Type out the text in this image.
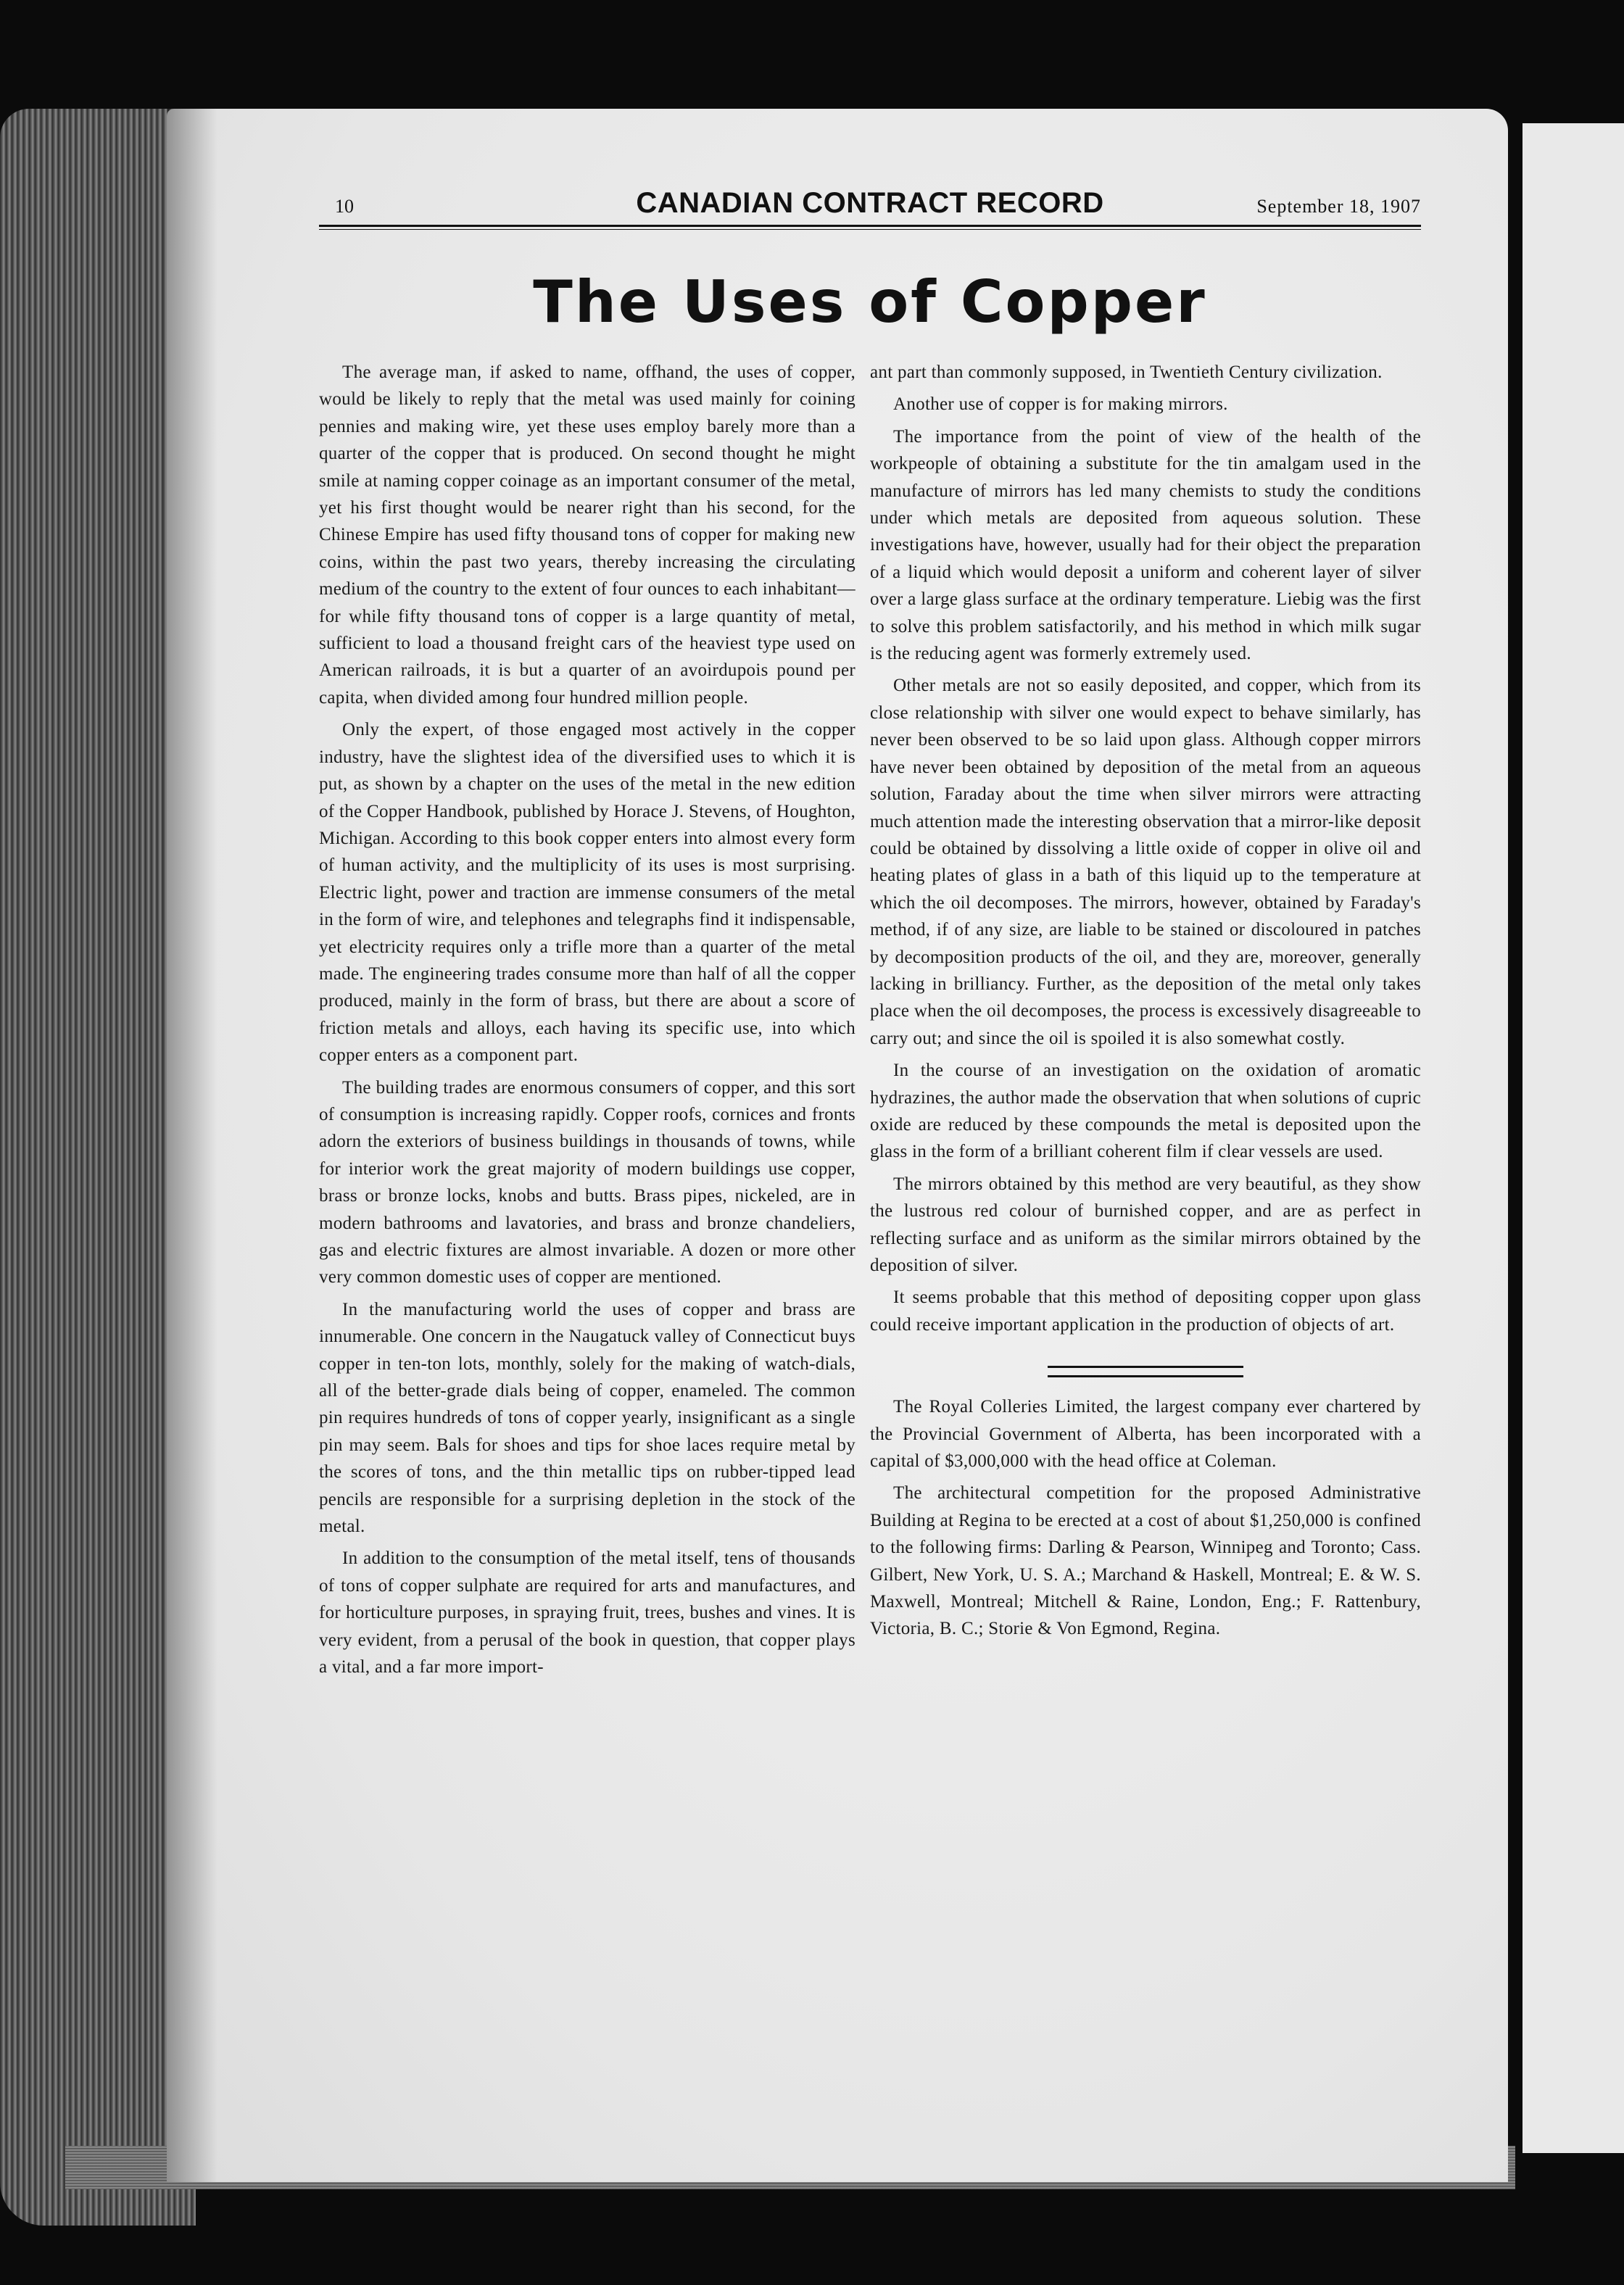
10	CANADIAN CONTRACT RECORD	September 18, 1907
The Uses of Copper

The average man, if asked to name, offhand, the uses of copper, would be likely to reply that the metal was used mainly for coining pennies and making wire, yet these uses employ barely more than a quarter of the copper that is produced. On second thought he might smile at naming copper coinage as an important consumer of the metal, yet his first thought would be nearer right than his second, for the Chinese Empire has used fifty thousand tons of copper for making new coins, within the past two years, thereby increasing the circulating medium of the country to the extent of four ounces to each inhabitant—for while fifty thousand tons of copper is a large quantity of metal, sufficient to load a thousand freight cars of the heaviest type used on American railroads, it is but a quarter of an avoirdupois pound per capita, when divided among four hundred million people.

Only the expert, of those engaged most actively in the copper industry, have the slightest idea of the diversified uses to which it is put, as shown by a chapter on the uses of the metal in the new edition of the Copper Handbook, published by Horace J. Stevens, of Houghton, Michigan. According to this book copper enters into almost every form of human activity, and the multiplicity of its uses is most surprising. Electric light, power and traction are immense consumers of the metal in the form of wire, and telephones and telegraphs find it indispensable, yet electricity requires only a trifle more than a quarter of the metal made. The engineering trades consume more than half of all the copper produced, mainly in the form of brass, but there are about a score of friction metals and alloys, each having its specific use, into which copper enters as a component part.

The building trades are enormous consumers of copper, and this sort of consumption is increasing rapidly. Copper roofs, cornices and fronts adorn the exteriors of business buildings in thousands of towns, while for interior work the great majority of modern buildings use copper, brass or bronze locks, knobs and butts. Brass pipes, nickeled, are in modern bathrooms and lavatories, and brass and bronze chandeliers, gas and electric fixtures are almost invariable. A dozen or more other very common domestic uses of copper are mentioned.

In the manufacturing world the uses of copper and brass are innumerable. One concern in the Naugatuck valley of Connecticut buys copper in ten-ton lots, monthly, solely for the making of watch-dials, all of the better-grade dials being of copper, enameled. The common pin requires hundreds of tons of copper yearly, insignificant as a single pin may seem. Bals for shoes and tips for shoe laces require metal by the scores of tons, and the thin metallic tips on rubber-tipped lead pencils are responsible for a surprising depletion in the stock of the metal.

In addition to the consumption of the metal itself, tens of thousands of tons of copper sulphate are required for arts and manufactures, and for horticulture purposes, in spraying fruit, trees, bushes and vines. It is very evident, from a perusal of the book in question, that copper plays a vital, and a far more import-

ant part than commonly supposed, in Twentieth Century civilization.

Another use of copper is for making mirrors.

The importance from the point of view of the health of the workpeople of obtaining a substitute for the tin amalgam used in the manufacture of mirrors has led many chemists to study the conditions under which metals are deposited from aqueous solution. These investigations have, however, usually had for their object the preparation of a liquid which would deposit a uniform and coherent layer of silver over a large glass surface at the ordinary temperature. Liebig was the first to solve this problem satisfactorily, and his method in which milk sugar is the reducing agent was formerly extremely used.

Other metals are not so easily deposited, and copper, which from its close relationship with silver one would expect to behave similarly, has never been observed to be so laid upon glass. Although copper mirrors have never been obtained by deposition of the metal from an aqueous solution, Faraday about the time when silver mirrors were attracting much attention made the interesting observation that a mirror-like deposit could be obtained by dissolving a little oxide of copper in olive oil and heating plates of glass in a bath of this liquid up to the temperature at which the oil decomposes. The mirrors, however, obtained by Faraday's method, if of any size, are liable to be stained or discoloured in patches by decomposition products of the oil, and they are, moreover, generally lacking in brilliancy. Further, as the deposition of the metal only takes place when the oil decomposes, the process is excessively disagreeable to carry out; and since the oil is spoiled it is also somewhat costly.

In the course of an investigation on the oxidation of aromatic hydrazines, the author made the observation that when solutions of cupric oxide are reduced by these compounds the metal is deposited upon the glass in the form of a brilliant coherent film if clear vessels are used.

The mirrors obtained by this method are very beautiful, as they show the lustrous red colour of burnished copper, and are as perfect in reflecting surface and as uniform as the similar mirrors obtained by the deposition of silver.

It seems probable that this method of depositing copper upon glass could receive important application in the production of objects of art.

The Royal Colleries Limited, the largest company ever chartered by the Provincial Government of Alberta, has been incorporated with a capital of $3,000,000 with the head office at Coleman.

The architectural competition for the proposed Administrative Building at Regina to be erected at a cost of about $1,250,000 is confined to the following firms: Darling & Pearson, Winnipeg and Toronto; Cass. Gilbert, New York, U. S. A.; Marchand & Haskell, Montreal; E. & W. S. Maxwell, Montreal; Mitchell & Raine, London, Eng.; F. Rattenbury, Victoria, B. C.; Storie & Von Egmond, Regina.
